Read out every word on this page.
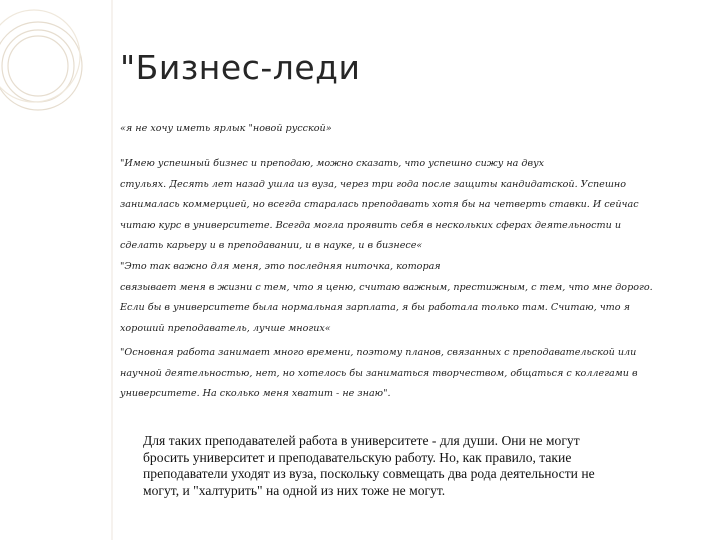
"Бизнес-леди

«я не хочу иметь ярлык "новой русской»

"Имею успешный бизнес и преподаю, можно сказать, что успешно сижу на двух
стульях. Десять лет назад ушла из вуза, через три года после защиты кандидатской. Успешно
занималась коммерцией, но всегда старалась преподавать хотя бы на четверть ставки. И сейчас
читаю курс в университете. Всегда могла проявить себя в нескольких сферах деятельности и
сделать карьеру и в преподавании, и в науке, и в бизнесе«

"Это так важно для меня, это последняя ниточка, которая
связывает меня в жизни с тем, что я ценю, считаю важным, престижным, с тем, что мне дорого.
Если бы в университете была нормальная зарплата, я бы работала только там. Считаю, что я
хороший преподаватель, лучше многих«

"Основная работа занимает много времени, поэтому планов, связанных с преподавательской или
научной деятельностью, нет, но хотелось бы заниматься творчеством, общаться с коллегами в
университете. На сколько меня хватит - не знаю".

Для таких преподавателей работа в университете - для души. Они не могут
бросить университет и преподавательскую работу. Но, как правило, такие
преподаватели уходят из вуза, поскольку совмещать два рода деятельности не
могут, и "халтурить" на одной из них тоже не могут.
